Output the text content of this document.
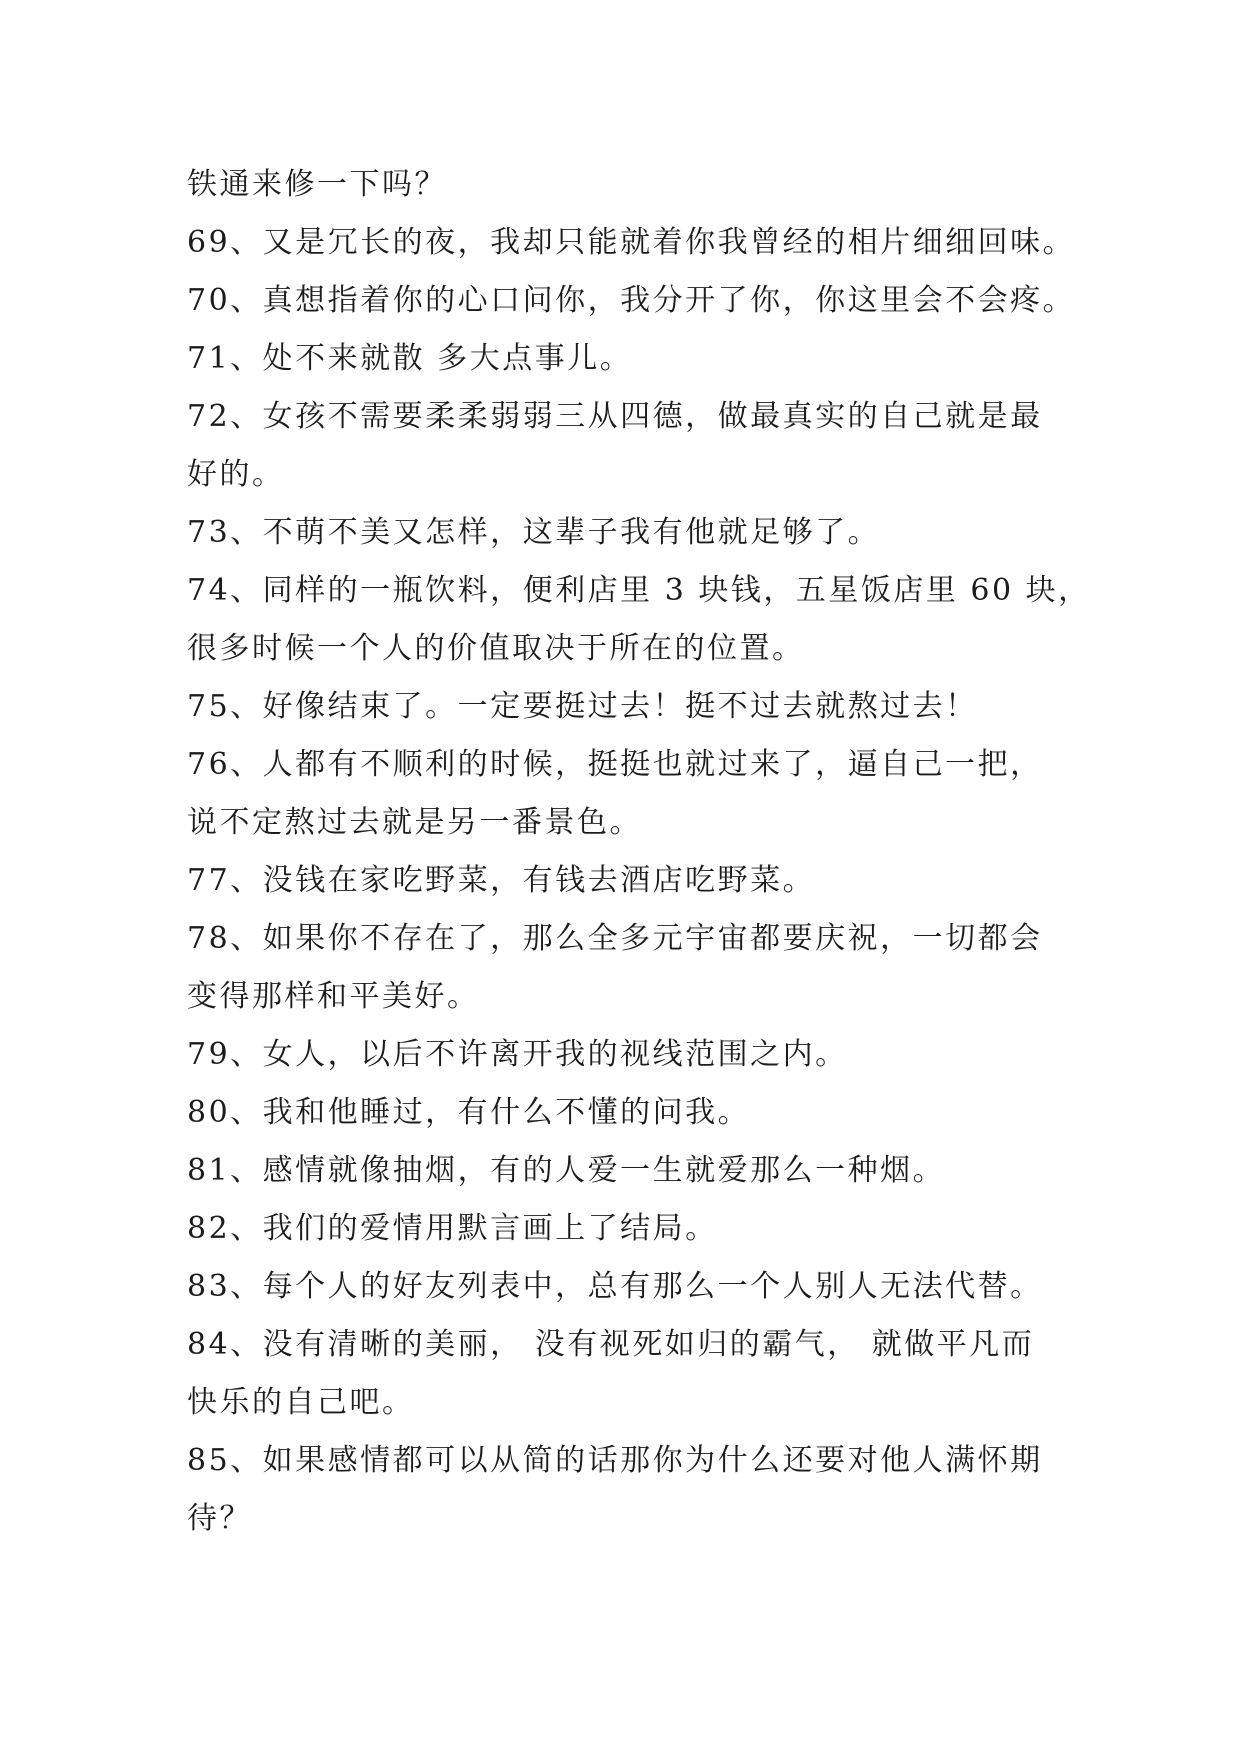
铁通来修一下吗？
69、又是冗长的夜，我却只能就着你我曾经的相片细细回味。
70、真想指着你的心口问你，我分开了你，你这里会不会疼。
71、处不来就散 多大点事儿。
72、女孩不需要柔柔弱弱三从四德，做最真实的自己就是最
好的。
73、不萌不美又怎样，这辈子我有他就足够了。
74、同样的一瓶饮料，便利店里 3 块钱，五星饭店里 60 块，
很多时候一个人的价值取决于所在的位置。
75、好像结束了。一定要挺过去！挺不过去就熬过去！
76、人都有不顺利的时候，挺挺也就过来了，逼自己一把，
说不定熬过去就是另一番景色。
77、没钱在家吃野菜，有钱去酒店吃野菜。
78、如果你不存在了，那么全多元宇宙都要庆祝，一切都会
变得那样和平美好。
79、女人，以后不许离开我的视线范围之内。
80、我和他睡过，有什么不懂的问我。
81、感情就像抽烟，有的人爱一生就爱那么一种烟。
82、我们的爱情用默言画上了结局。
83、每个人的好友列表中，总有那么一个人别人无法代替。
84、没有清晰的美丽， 没有视死如归的霸气， 就做平凡而
快乐的自己吧。
85、如果感情都可以从简的话那你为什么还要对他人满怀期
待？
